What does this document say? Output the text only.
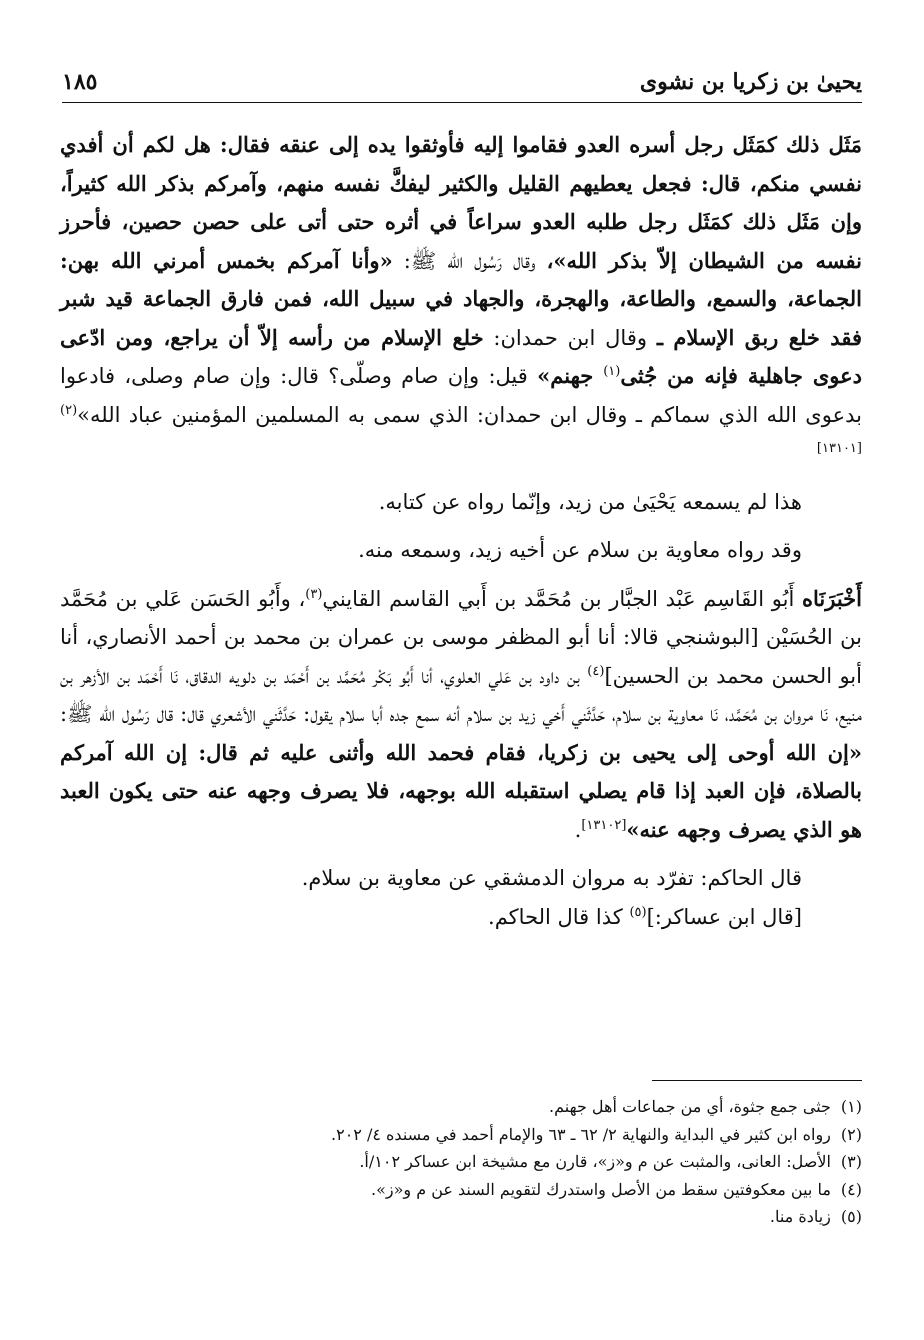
يحيىٰ بن زكريا بن نشوى
١٨٥

مَثَل ذلك كمَثَل رجل أسره العدو فقاموا إليه فأوثقوا يده إلى عنقه فقال: هل لكم أن أفدي نفسي منكم، قال: فجعل يعطيهم القليل والكثير ليفكَّ نفسه منهم، وآمركم بذكر الله كثيراً، وإن مَثَل ذلك كمَثَل رجل طلبه العدو سراعاً في أثره حتى أتى على حصن حصين، فأحرز نفسه من الشيطان إلاّ بذكر الله»، وقال رَسُول الله ﷺ: «وأنا آمركم بخمس أمرني الله بهن: الجماعة، والسمع، والطاعة، والهجرة، والجهاد في سبيل الله، فمن فارق الجماعة قيد شبر فقد خلع ربق الإسلام ـ وقال ابن حمدان: خلع الإسلام من رأسه إلاّ أن يراجع، ومن ادّعى دعوى جاهلية فإنه من جُثى$^{(١)}$ جهنم» قيل: وإن صام وصلّى؟ قال: وإن صام وصلى، فادعوا بدعوى الله الذي سماكم ـ وقال ابن حمدان: الذي سمى به المسلمين المؤمنين عباد الله»$^{(٢)[١٣١٠١]}$

هذا لم يسمعه يَحْيَىٰ من زيد، وإنّما رواه عن كتابه.

وقد رواه معاوية بن سلام عن أخيه زيد، وسمعه منه.

أَخْبَرَنَاه أَبُو القَاسِم عَبْد الجبَّار بن مُحَمَّد بن أَبي القاسم القايني$^{(٣)}$، وأَبُو الحَسَن عَلي بن مُحَمَّد بن الحُسَيْن [البوشنجي قالا: أنا أبو المظفر موسى بن عمران بن محمد بن أحمد الأنصاري، أنا أبو الحسن محمد بن الحسين]$^{(٤)}$ بن داود بن عَلي العلوي، أنا أَبُو بَكْر مُحَمَّد بن أَحْمَد بن دلويه الدقاق، نَا أَحْمَد بن الأزهر بن منيع، نَا مروان بن مُحَمَّد، نَا معاوية بن سلام، حَدَّثَني أَخي زيد بن سلام أنه سمع جده أبا سلام يقول: حَدَّثَني الأشعري قال: قال رَسُول الله ﷺ: «إن الله أوحى إلى يحيى بن زكريا، فقام فحمد الله وأثنى عليه ثم قال: إن الله آمركم بالصلاة، فإن العبد إذا قام يصلي استقبله الله بوجهه، فلا يصرف وجهه عنه حتى يكون العبد هو الذي يصرف وجهه عنه»[١٣١٠٢].

قال الحاكم: تفرّد به مروان الدمشقي عن معاوية بن سلام.

[قال ابن عساكر:]$^{(٥)}$ كذا قال الحاكم.

(١)
جثى جمع جثوة، أي من جماعات أهل جهنم.
(٢)
رواه ابن كثير في البداية والنهاية ٢/ ٦٢ ـ ٦٣ والإمام أحمد في مسنده ٤/ ٢٠٢.
(٣)
الأصل: العانى، والمثبت عن م و«ز»، قارن مع مشيخة ابن عساكر ١٠٢/أ.
(٤)
ما بين معكوفتين سقط من الأصل واستدرك لتقويم السند عن م و«ز».
(٥)
زيادة منا.
